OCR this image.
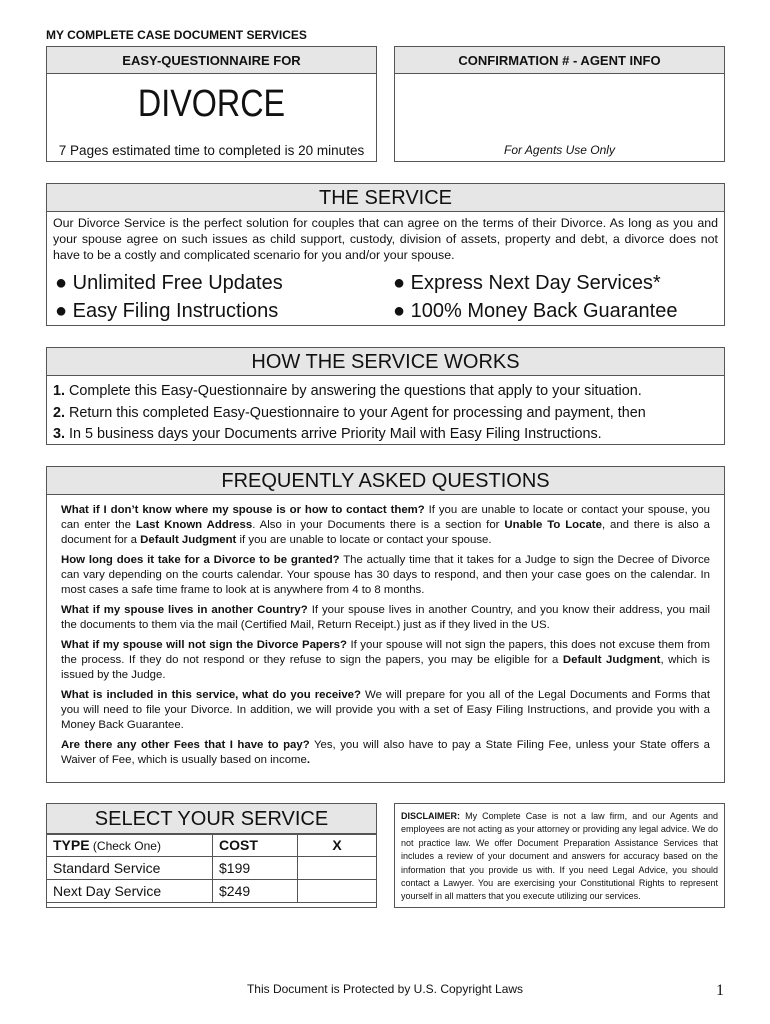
MY COMPLETE CASE DOCUMENT SERVICES
EASY-QUESTIONNAIRE FOR
DIVORCE
7 Pages estimated time to completed is 20 minutes
CONFIRMATION # - AGENT INFO
For Agents Use Only
THE SERVICE
Our Divorce Service is the perfect solution for couples that can agree on the terms of their Divorce. As long as you and your spouse agree on such issues as child support, custody, division of assets, property and debt, a divorce does not have to be a costly and complicated scenario for you and/or your spouse.
● Unlimited Free Updates	● Express Next Day Services*
● Easy Filing Instructions	● 100% Money Back Guarantee
HOW THE SERVICE WORKS
1. Complete this Easy-Questionnaire by answering the questions that apply to your situation.
2. Return this completed Easy-Questionnaire to your Agent for processing and payment, then
3. In 5 business days your Documents arrive Priority Mail with Easy Filing Instructions.
FREQUENTLY ASKED QUESTIONS

What if I don’t know where my spouse is or how to contact them? If you are unable to locate or contact your spouse, you can enter the Last Known Address. Also in your Documents there is a section for Unable To Locate, and there is also a document for a Default Judgment if you are unable to locate or contact your spouse.

How long does it take for a Divorce to be granted? The actually time that it takes for a Judge to sign the Decree of Divorce can vary depending on the courts calendar. Your spouse has 30 days to respond, and then your case goes on the calendar. In most cases a safe time frame to look at is anywhere from 4 to 8 months.

What if my spouse lives in another Country? If your spouse lives in another Country, and you know their address, you mail the documents to them via the mail (Certified Mail, Return Receipt.) just as if they lived in the US.

What if my spouse will not sign the Divorce Papers? If your spouse will not sign the papers, this does not excuse them from the process. If they do not respond or they refuse to sign the papers, you may be eligible for a Default Judgment, which is issued by the Judge.

What is included in this service, what do you receive? We will prepare for you all of the Legal Documents and Forms that you will need to file your Divorce. In addition, we will provide you with a set of Easy Filing Instructions, and provide you with a Money Back Guarantee.

Are there any other Fees that I have to pay? Yes, you will also have to pay a State Filing Fee, unless your State offers a Waiver of Fee, which is usually based on income.

SELECT YOUR SERVICE
TYPE (Check One)	COST	X
Standard Service	$199	
Next Day Service	$249	
DISCLAIMER: My Complete Case is not a law firm, and our Agents and employees are not acting as your attorney or providing any legal advice. We do not practice law. We offer Document Preparation Assistance Services that includes a review of your document and answers for accuracy based on the information that you provide us with. If you need Legal Advice, you should contact a Lawyer. You are exercising your Constitutional Rights to represent yourself in all matters that you execute utilizing our services.
This Document is Protected by U.S. Copyright Laws	1
